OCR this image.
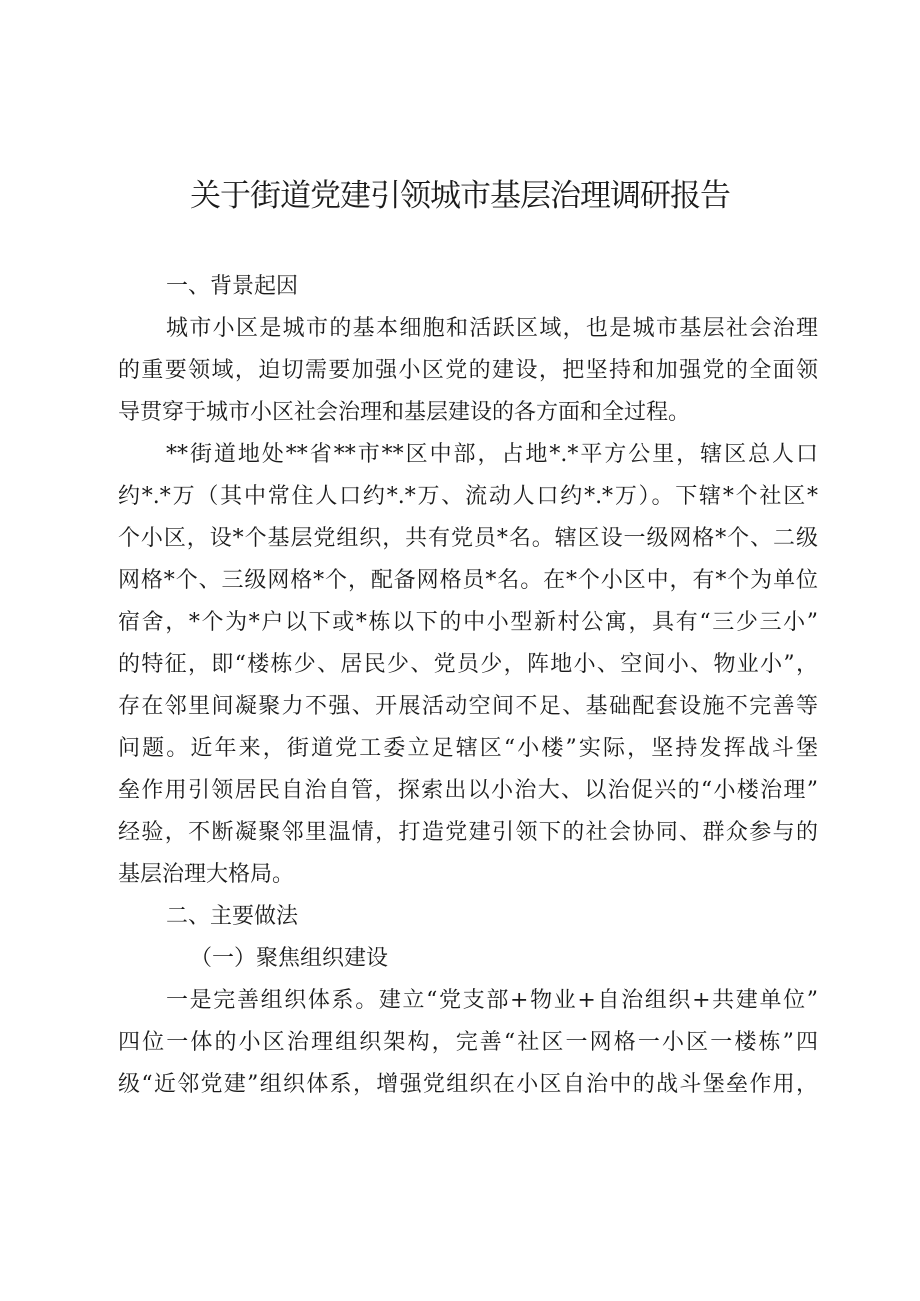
关于街道党建引领城市基层治理调研报告
一、背景起因
城市小区是城市的基本细胞和活跃区域，也是城市基层社会治理
的重要领域，迫切需要加强小区党的建设，把坚持和加强党的全面领
导贯穿于城市小区社会治理和基层建设的各方面和全过程。
**街道地处**省**市**区中部，占地*.*平方公里，辖区总人口
约*.*万（其中常住人口约*.*万、流动人口约*.*万）。下辖*个社区*
个小区，设*个基层党组织，共有党员*名。辖区设一级网格*个、二级
网格*个、三级网格*个，配备网格员*名。在*个小区中，有*个为单位
宿舍，*个为*户以下或*栋以下的中小型新村公寓，具有“三少三小”
的特征，即“楼栋少、居民少、党员少，阵地小、空间小、物业小”，
存在邻里间凝聚力不强、开展活动空间不足、基础配套设施不完善等
问题。近年来，街道党工委立足辖区“小楼”实际，坚持发挥战斗堡
垒作用引领居民自治自管，探索出以小治大、以治促兴的“小楼治理”
经验，不断凝聚邻里温情，打造党建引领下的社会协同、群众参与的
基层治理大格局。
二、主要做法
（一）聚焦组织建设
一是完善组织体系。建立“党支部+物业+自治组织+共建单位”
四位一体的小区治理组织架构，完善“社区一网格一小区一楼栋”四
级“近邻党建”组织体系，增强党组织在小区自治中的战斗堡垒作用，
